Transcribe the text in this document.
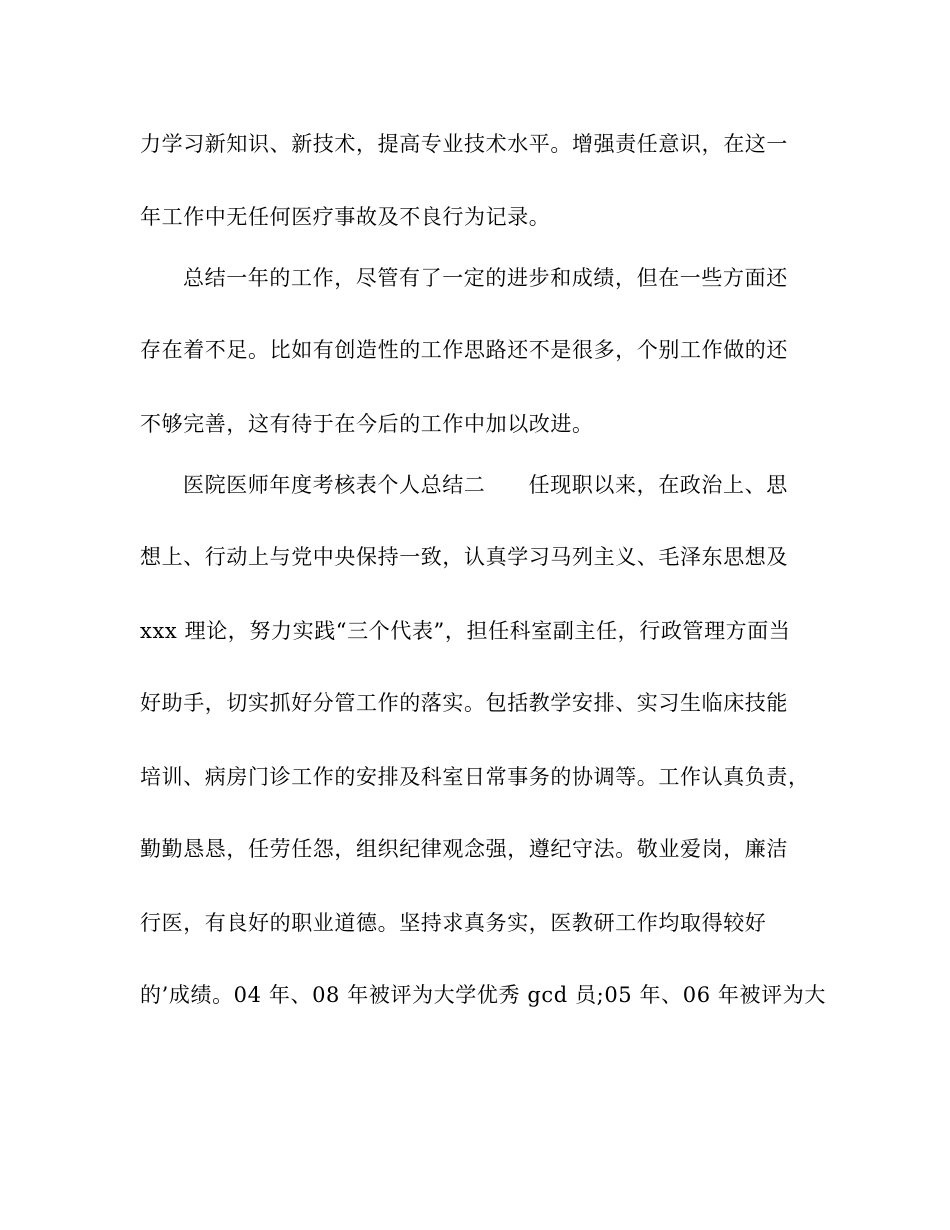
力学习新知识、新技术，提高专业技术水平。增强责任意识，在这一

年工作中无任何医疗事故及不良行为记录。

总结一年的工作，尽管有了一定的进步和成绩，但在一些方面还

存在着不足。比如有创造性的工作思路还不是很多，个别工作做的还

不够完善，这有待于在今后的工作中加以改进。

医院医师年度考核表个人总结二　　任现职以来，在政治上、思

想上、行动上与党中央保持一致，认真学习马列主义、毛泽东思想及

xxx 理论，努力实践“三个代表”，担任科室副主任，行政管理方面当

好助手，切实抓好分管工作的落实。包括教学安排、实习生临床技能

培训、病房门诊工作的安排及科室日常事务的协调等。工作认真负责，

勤勤恳恳，任劳任怨，组织纪律观念强，遵纪守法。敬业爱岗，廉洁

行医，有良好的职业道德。坚持求真务实，医教研工作均取得较好

的’成绩。04 年、08 年被评为大学优秀 gcd 员;05 年、06 年被评为大
